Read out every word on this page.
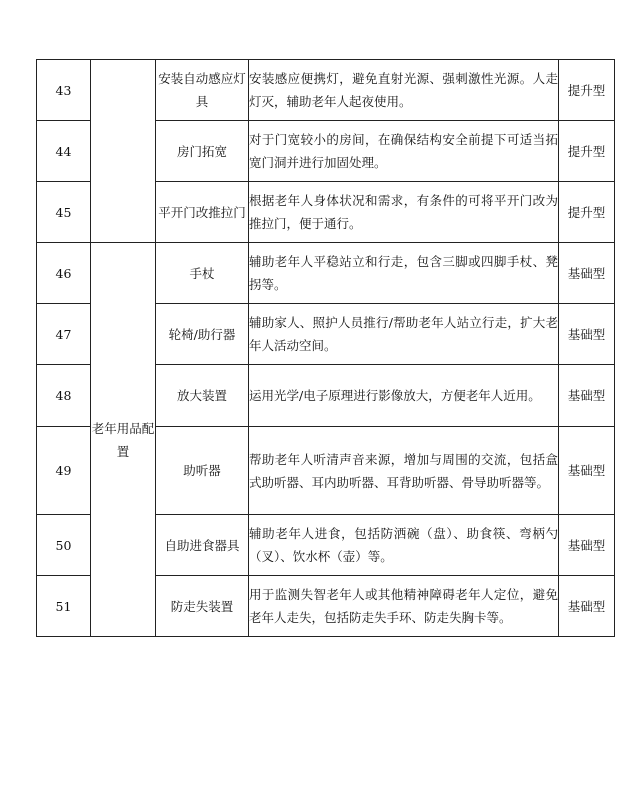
43		安装自动感应灯具	安装感应便携灯，避免直射光源、强刺激性光源。人走灯灭，辅助老年人起夜使用。	提升型
44		房门拓宽	对于门宽较小的房间，在确保结构安全前提下可适当拓宽门洞并进行加固处理。	提升型
45		平开门改推拉门	根据老年人身体状况和需求，有条件的可将平开门改为推拉门，便于通行。	提升型
46	老年用品配置	手杖	辅助老年人平稳站立和行走，包含三脚或四脚手杖、凳拐等。	基础型
47		轮椅/助行器	辅助家人、照护人员推行/帮助老年人站立行走，扩大老年人活动空间。	基础型
48		放大装置	运用光学/电子原理进行影像放大，方便老年人近用。	基础型
49		助听器	帮助老年人听清声音来源，增加与周围的交流，包括盒式助听器、耳内助听器、耳背助听器、骨导助听器等。	基础型
50		自助进食器具	辅助老年人进食，包括防洒碗（盘）、助食筷、弯柄勺（叉）、饮水杯（壶）等。	基础型
51		防走失装置	用于监测失智老年人或其他精神障碍老年人定位，避免老年人走失，包括防走失手环、防走失胸卡等。	基础型
